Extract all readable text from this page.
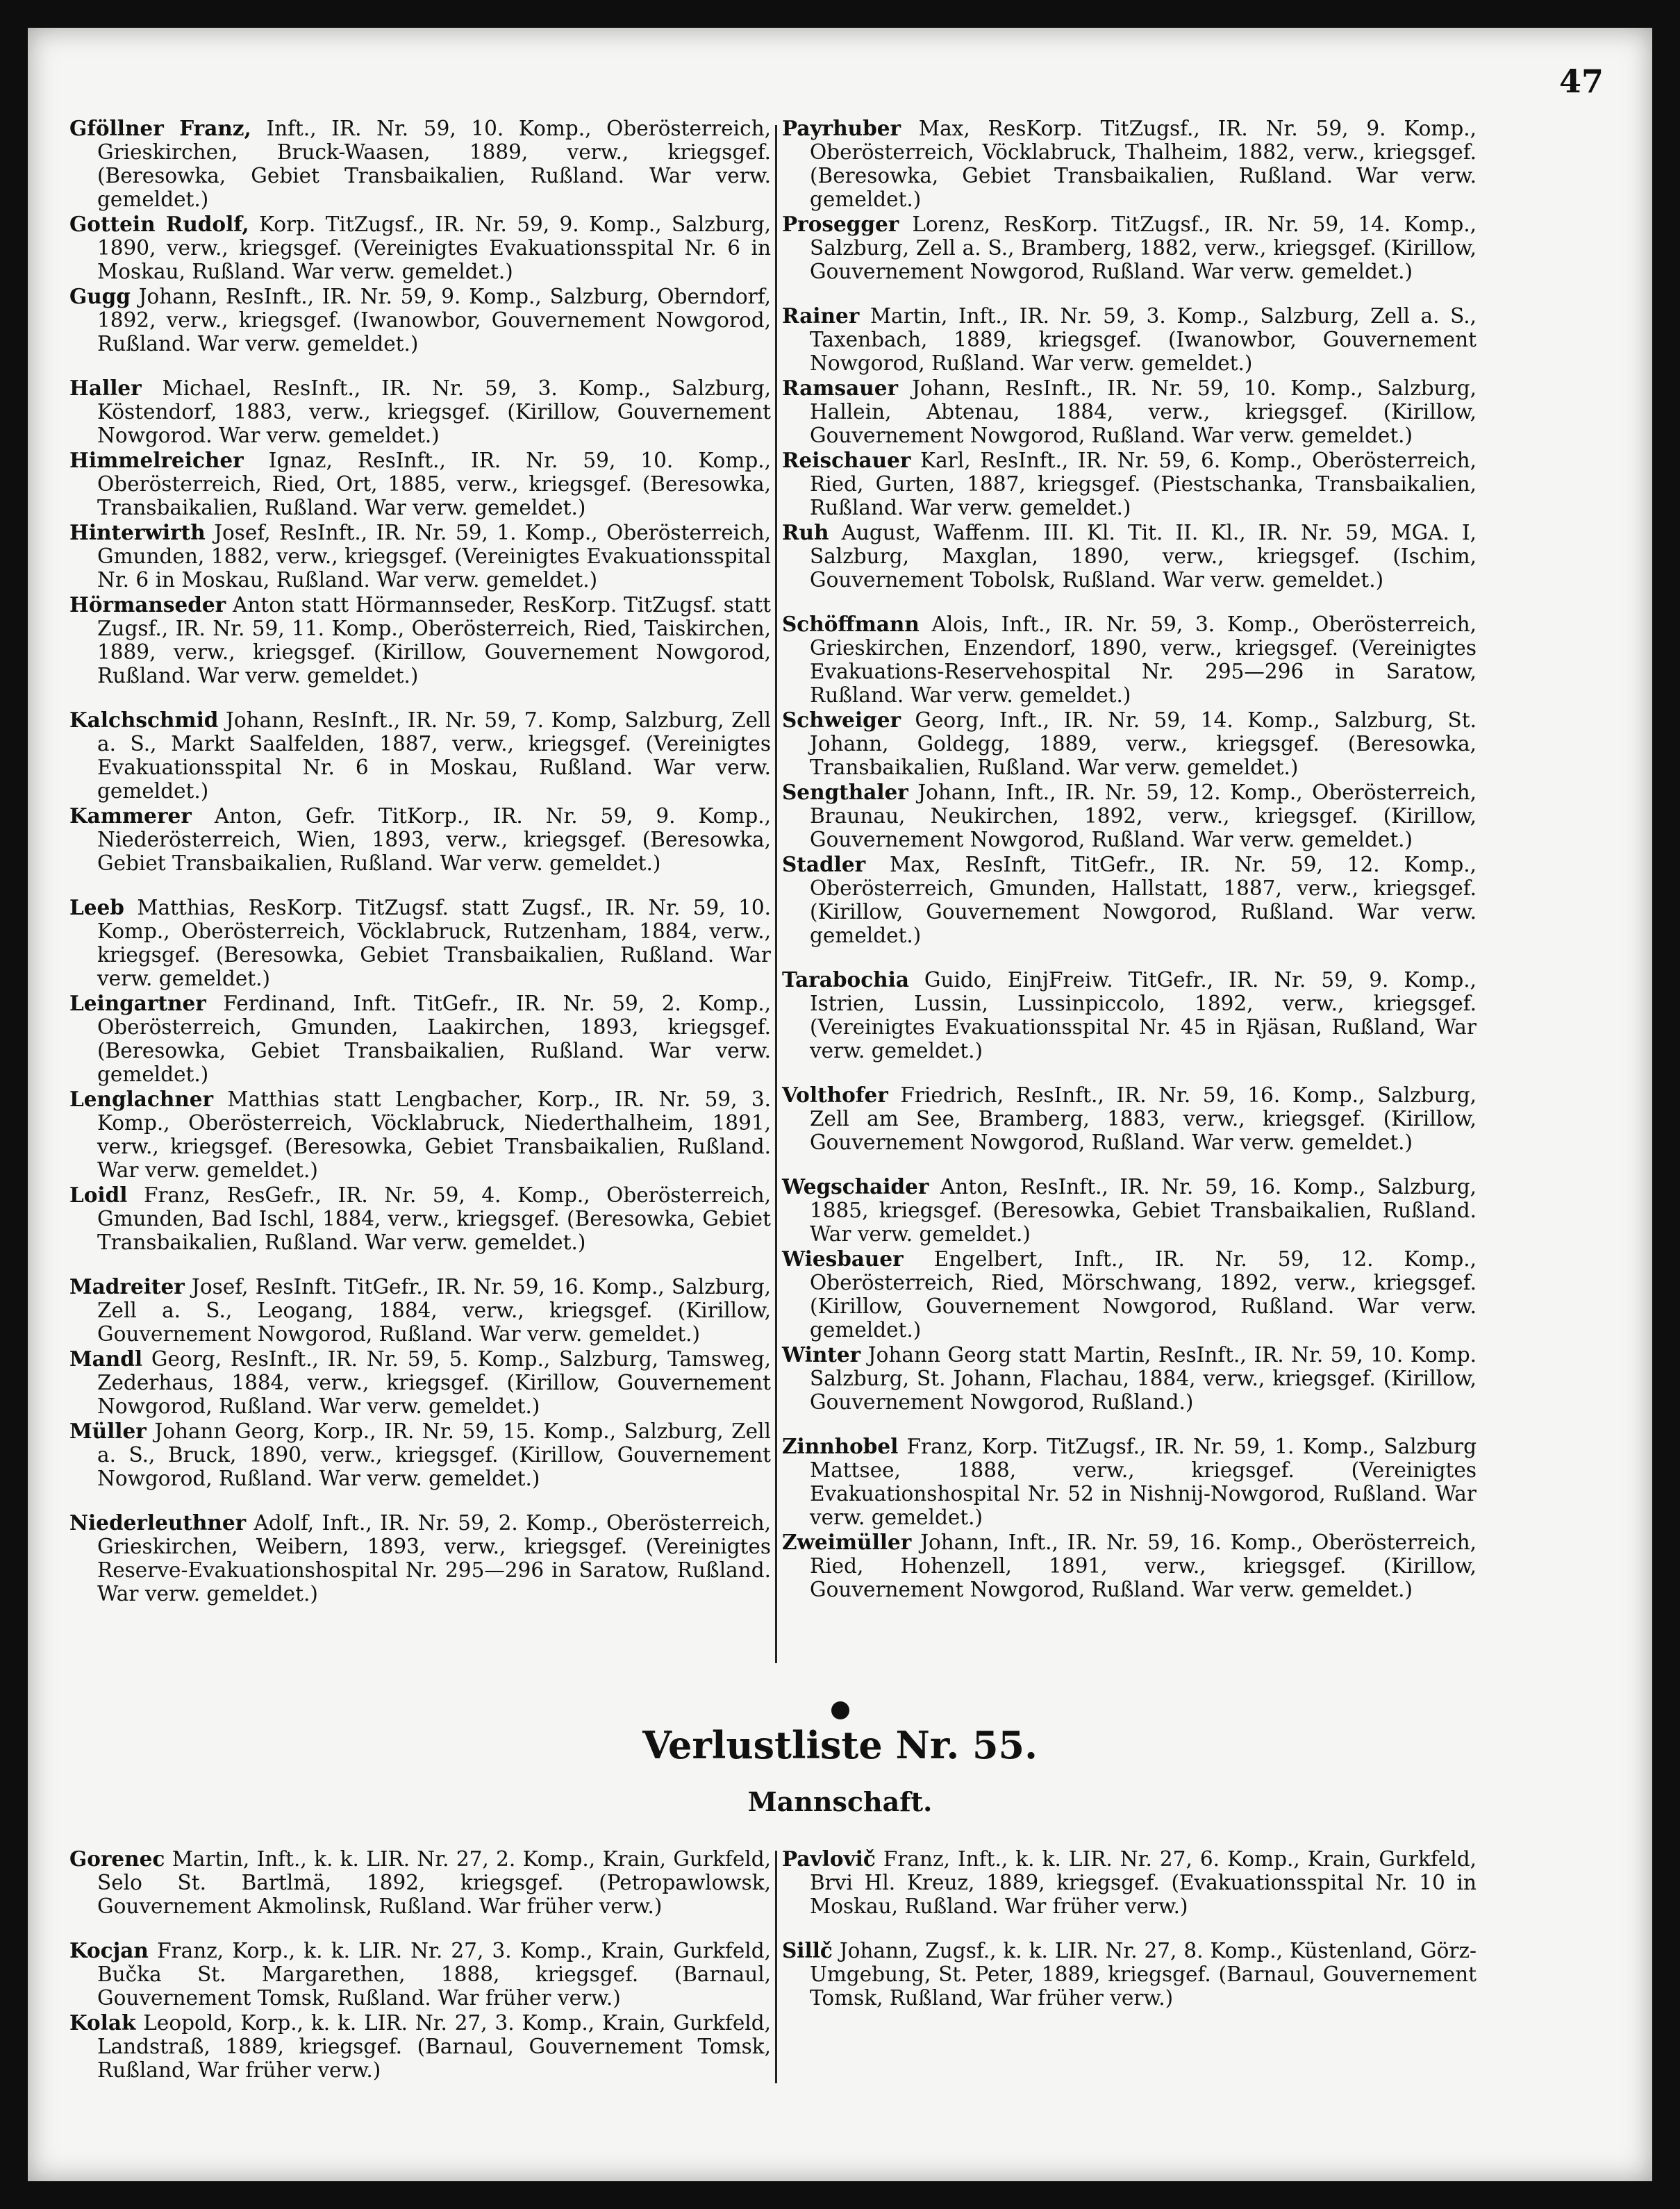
47

Gföllner Franz, Inft., IR. Nr. 59, 10. Komp., Oberösterreich, Grieskirchen, Bruck-Waasen, 1889, verw., kriegsgef. (Beresowka, Gebiet Transbaikalien, Rußland. War verw. gemeldet.)

Gottein Rudolf, Korp. TitZugsf., IR. Nr. 59, 9. Komp., Salzburg, 1890, verw., kriegsgef. (Vereinigtes Evakuationsspital Nr. 6 in Moskau, Rußland. War verw. gemeldet.)

Gugg Johann, ResInft., IR. Nr. 59, 9. Komp., Salzburg, Oberndorf, 1892, verw., kriegsgef. (Iwanowbor, Gouvernement Nowgorod, Rußland. War verw. gemeldet.)

Haller Michael, ResInft., IR. Nr. 59, 3. Komp., Salzburg, Köstendorf, 1883, verw., kriegsgef. (Kirillow, Gouvernement Nowgorod. War verw. gemeldet.)

Himmelreicher Ignaz, ResInft., IR. Nr. 59, 10. Komp., Oberösterreich, Ried, Ort, 1885, verw., kriegsgef. (Beresowka, Transbaikalien, Rußland. War verw. gemeldet.)

Hinterwirth Josef, ResInft., IR. Nr. 59, 1. Komp., Oberösterreich, Gmunden, 1882, verw., kriegsgef. (Vereinigtes Evakuationsspital Nr. 6 in Moskau, Rußland. War verw. gemeldet.)

Hörmanseder Anton statt Hörmannseder, ResKorp. TitZugsf. statt Zugsf., IR. Nr. 59, 11. Komp., Oberösterreich, Ried, Taiskirchen, 1889, verw., kriegsgef. (Kirillow, Gouvernement Nowgorod, Rußland. War verw. gemeldet.)

Kalchschmid Johann, ResInft., IR. Nr. 59, 7. Komp, Salzburg, Zell a. S., Markt Saalfelden, 1887, verw., kriegsgef. (Vereinigtes Evakuationsspital Nr. 6 in Moskau, Rußland. War verw. gemeldet.)

Kammerer Anton, Gefr. TitKorp., IR. Nr. 59, 9. Komp., Niederösterreich, Wien, 1893, verw., kriegsgef. (Beresowka, Gebiet Transbaikalien, Rußland. War verw. gemeldet.)

Leeb Matthias, ResKorp. TitZugsf. statt Zugsf., IR. Nr. 59, 10. Komp., Oberösterreich, Vöcklabruck, Rutzenham, 1884, verw., kriegsgef. (Beresowka, Gebiet Transbaikalien, Rußland. War verw. gemeldet.)

Leingartner Ferdinand, Inft. TitGefr., IR. Nr. 59, 2. Komp., Oberösterreich, Gmunden, Laakirchen, 1893, kriegsgef. (Beresowka, Gebiet Transbaikalien, Rußland. War verw. gemeldet.)

Lenglachner Matthias statt Lengbacher, Korp., IR. Nr. 59, 3. Komp., Oberösterreich, Vöcklabruck, Niederthalheim, 1891, verw., kriegsgef. (Beresowka, Gebiet Transbaikalien, Rußland. War verw. gemeldet.)

Loidl Franz, ResGefr., IR. Nr. 59, 4. Komp., Oberösterreich, Gmunden, Bad Ischl, 1884, verw., kriegsgef. (Beresowka, Gebiet Transbaikalien, Rußland. War verw. gemeldet.)

Madreiter Josef, ResInft. TitGefr., IR. Nr. 59, 16. Komp., Salzburg, Zell a. S., Leogang, 1884, verw., kriegsgef. (Kirillow, Gouvernement Nowgorod, Rußland. War verw. gemeldet.)

Mandl Georg, ResInft., IR. Nr. 59, 5. Komp., Salzburg, Tamsweg, Zederhaus, 1884, verw., kriegsgef. (Kirillow, Gouvernement Nowgorod, Rußland. War verw. gemeldet.)

Müller Johann Georg, Korp., IR. Nr. 59, 15. Komp., Salzburg, Zell a. S., Bruck, 1890, verw., kriegsgef. (Kirillow, Gouvernement Nowgorod, Rußland. War verw. gemeldet.)

Niederleuthner Adolf, Inft., IR. Nr. 59, 2. Komp., Oberösterreich, Grieskirchen, Weibern, 1893, verw., kriegsgef. (Vereinigtes Reserve-Evakuationshospital Nr. 295—296 in Saratow, Rußland. War verw. gemeldet.)

Payrhuber Max, ResKorp. TitZugsf., IR. Nr. 59, 9. Komp., Oberösterreich, Vöcklabruck, Thalheim, 1882, verw., kriegsgef. (Beresowka, Gebiet Transbaikalien, Rußland. War verw. gemeldet.)

Prosegger Lorenz, ResKorp. TitZugsf., IR. Nr. 59, 14. Komp., Salzburg, Zell a. S., Bramberg, 1882, verw., kriegsgef. (Kirillow, Gouvernement Nowgorod, Rußland. War verw. gemeldet.)

Rainer Martin, Inft., IR. Nr. 59, 3. Komp., Salzburg, Zell a. S., Taxenbach, 1889, kriegsgef. (Iwanowbor, Gouvernement Nowgorod, Rußland. War verw. gemeldet.)

Ramsauer Johann, ResInft., IR. Nr. 59, 10. Komp., Salzburg, Hallein, Abtenau, 1884, verw., kriegsgef. (Kirillow, Gouvernement Nowgorod, Rußland. War verw. gemeldet.)

Reischauer Karl, ResInft., IR. Nr. 59, 6. Komp., Oberösterreich, Ried, Gurten, 1887, kriegsgef. (Piestschanka, Transbaikalien, Rußland. War verw. gemeldet.)

Ruh August, Waffenm. III. Kl. Tit. II. Kl., IR. Nr. 59, MGA. I, Salzburg, Maxglan, 1890, verw., kriegsgef. (Ischim, Gouvernement Tobolsk, Rußland. War verw. gemeldet.)

Schöffmann Alois, Inft., IR. Nr. 59, 3. Komp., Oberösterreich, Grieskirchen, Enzendorf, 1890, verw., kriegsgef. (Vereinigtes Evakuations-Reservehospital Nr. 295—296 in Saratow, Rußland. War verw. gemeldet.)

Schweiger Georg, Inft., IR. Nr. 59, 14. Komp., Salzburg, St. Johann, Goldegg, 1889, verw., kriegsgef. (Beresowka, Transbaikalien, Rußland. War verw. gemeldet.)

Sengthaler Johann, Inft., IR. Nr. 59, 12. Komp., Oberösterreich, Braunau, Neukirchen, 1892, verw., kriegsgef. (Kirillow, Gouvernement Nowgorod, Rußland. War verw. gemeldet.)

Stadler Max, ResInft, TitGefr., IR. Nr. 59, 12. Komp., Oberösterreich, Gmunden, Hallstatt, 1887, verw., kriegsgef. (Kirillow, Gouvernement Nowgorod, Rußland. War verw. gemeldet.)

Tarabochia Guido, EinjFreiw. TitGefr., IR. Nr. 59, 9. Komp., Istrien, Lussin, Lussinpiccolo, 1892, verw., kriegsgef. (Vereinigtes Evakuationsspital Nr. 45 in Rjäsan, Rußland, War verw. gemeldet.)

Volthofer Friedrich, ResInft., IR. Nr. 59, 16. Komp., Salzburg, Zell am See, Bramberg, 1883, verw., kriegsgef. (Kirillow, Gouvernement Nowgorod, Rußland. War verw. gemeldet.)

Wegschaider Anton, ResInft., IR. Nr. 59, 16. Komp., Salzburg, 1885, kriegsgef. (Beresowka, Gebiet Transbaikalien, Rußland. War verw. gemeldet.)

Wiesbauer Engelbert, Inft., IR. Nr. 59, 12. Komp., Oberösterreich, Ried, Mörschwang, 1892, verw., kriegsgef. (Kirillow, Gouvernement Nowgorod, Rußland. War verw. gemeldet.)

Winter Johann Georg statt Martin, ResInft., IR. Nr. 59, 10. Komp. Salzburg, St. Johann, Flachau, 1884, verw., kriegsgef. (Kirillow, Gouvernement Nowgorod, Rußland.)

Zinnhobel Franz, Korp. TitZugsf., IR. Nr. 59, 1. Komp., Salzburg Mattsee, 1888, verw., kriegsgef. (Vereinigtes Evakuationshospital Nr. 52 in Nishnij-Nowgorod, Rußland. War verw. gemeldet.)

Zweimüller Johann, Inft., IR. Nr. 59, 16. Komp., Oberösterreich, Ried, Hohenzell, 1891, verw., kriegsgef. (Kirillow, Gouvernement Nowgorod, Rußland. War verw. gemeldet.)

Verlustliste Nr. 55.
Mannschaft.

Gorenec Martin, Inft., k. k. LIR. Nr. 27, 2. Komp., Krain, Gurkfeld, Selo St. Bartlmä, 1892, kriegsgef. (Petropawlowsk, Gouvernement Akmolinsk, Rußland. War früher verw.)

Kocjan Franz, Korp., k. k. LIR. Nr. 27, 3. Komp., Krain, Gurkfeld, Bučka St. Margarethen, 1888, kriegsgef. (Barnaul, Gouvernement Tomsk, Rußland. War früher verw.)

Kolak Leopold, Korp., k. k. LIR. Nr. 27, 3. Komp., Krain, Gurkfeld, Landstraß, 1889, kriegsgef. (Barnaul, Gouvernement Tomsk, Rußland, War früher verw.)

Pavlovič Franz, Inft., k. k. LIR. Nr. 27, 6. Komp., Krain, Gurkfeld, Brvi Hl. Kreuz, 1889, kriegsgef. (Evakuationsspital Nr. 10 in Moskau, Rußland. War früher verw.)

Sillč Johann, Zugsf., k. k. LIR. Nr. 27, 8. Komp., Küstenland, Görz-Umgebung, St. Peter, 1889, kriegsgef. (Barnaul, Gouvernement Tomsk, Rußland, War früher verw.)
